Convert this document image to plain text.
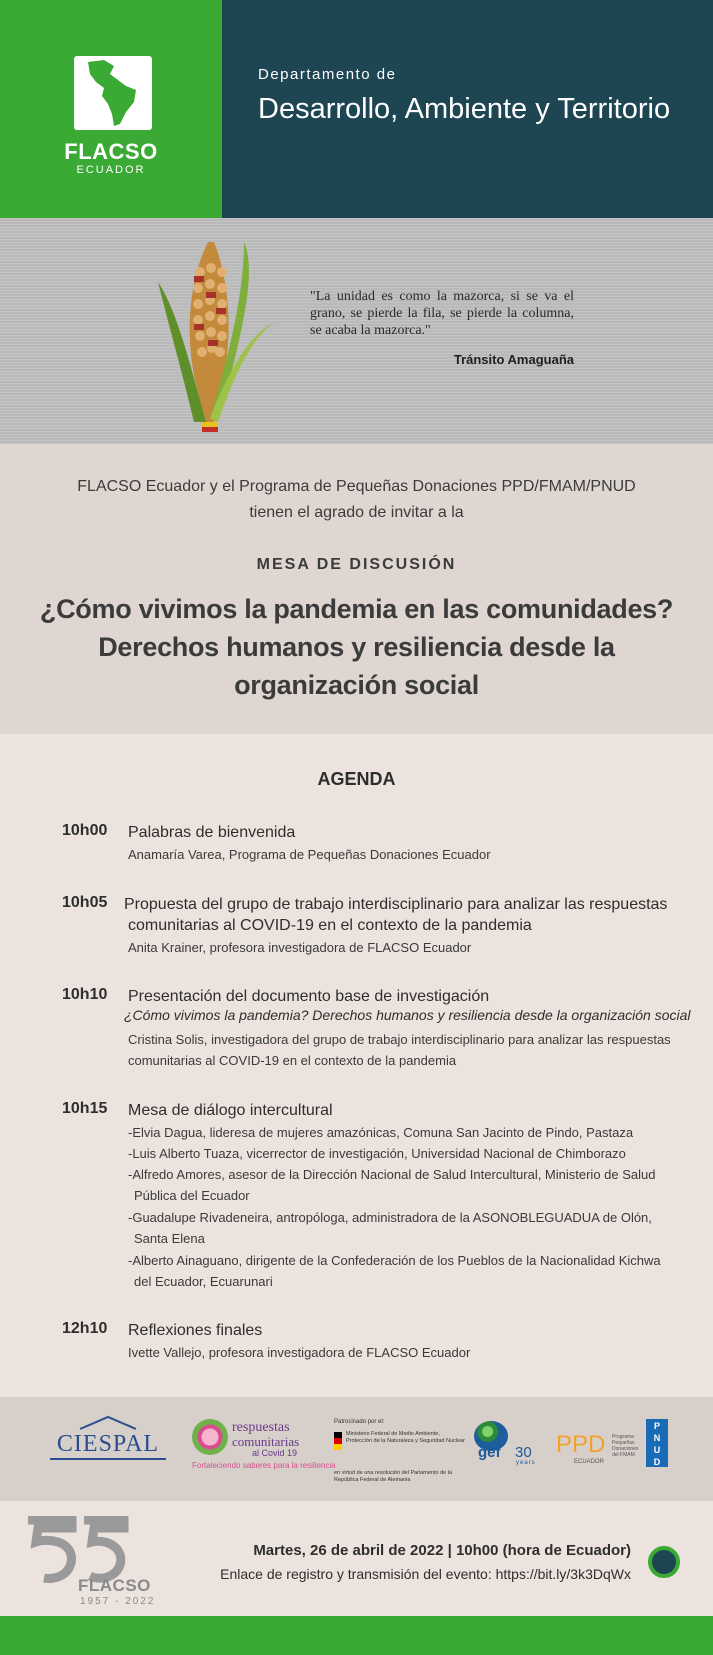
FLACSO

ECUADOR

Departamento de

Desarrollo, Ambiente y Territorio

"La unidad es como la mazorca, si se va el grano, se pierde la fila, se pierde la columna, se acaba la mazorca."

Tránsito Amaguaña

FLACSO Ecuador y el Programa de Pequeñas Donaciones PPD/FMAM/PNUD

tienen el agrado de invitar a la

MESA DE DISCUSIÓN

¿Cómo vivimos la pandemia en las comunidades?
Derechos humanos y resiliencia desde la
organización social

AGENDA

10h00 Palabras de bienvenida

Anamaría Varea, Programa de Pequeñas Donaciones Ecuador

10h05 Propuesta del grupo de trabajo interdisciplinario para analizar las respuestas

comunitarias al COVID-19 en el contexto de la pandemia

Anita Krainer, profesora investigadora de FLACSO Ecuador

10h10 Presentación del documento base de investigación

¿Cómo vivimos la pandemia? Derechos humanos y resiliencia desde la organización social

Cristina Solis, investigadora del grupo de trabajo interdisciplinario para analizar las respuestas

comunitarias al COVID-19 en el contexto de la pandemia

10h15 Mesa de diálogo intercultural

-Elvia Dagua, lideresa de mujeres amazónicas, Comuna San Jacinto de Pindo, Pastaza

-Luis Alberto Tuaza, vicerrector de investigación, Universidad Nacional de Chimborazo

-Alfredo Amores, asesor de la Dirección Nacional de Salud Intercultural, Ministerio de Salud

Pública del Ecuador

-Guadalupe Rivadeneira, antropóloga, administradora de la ASONOBLEGUADUA de Olón,

Santa Elena

-Alberto Ainaguano, dirigente de la Confederación de los Pueblos de la Nacionalidad Kichwa

del Ecuador, Ecuarunari

12h10 Reflexiones finales

Ivette Vallejo, profesora investigadora de FLACSO Ecuador

CIESPAL

respuestas

comunitarias

al Covid 19

Fortaleciendo saberes para la resiliencia

Patrocinado por el:

Ministerio Federal de Medio Ambiente, Protección de la Naturaleza y Seguridad Nuclear

en virtud de una resolución del Parlamento de la República Federal de Alemania

gef 30

years

PPD Programa Pequeñas Donaciones del FMAM

ECUADOR

P

N

U

D

FLACSO

1957 - 2022

Martes, 26 de abril de 2022 | 10h00 (hora de Ecuador)

Enlace de registro y transmisión del evento: https://bit.ly/3k3DqWx
